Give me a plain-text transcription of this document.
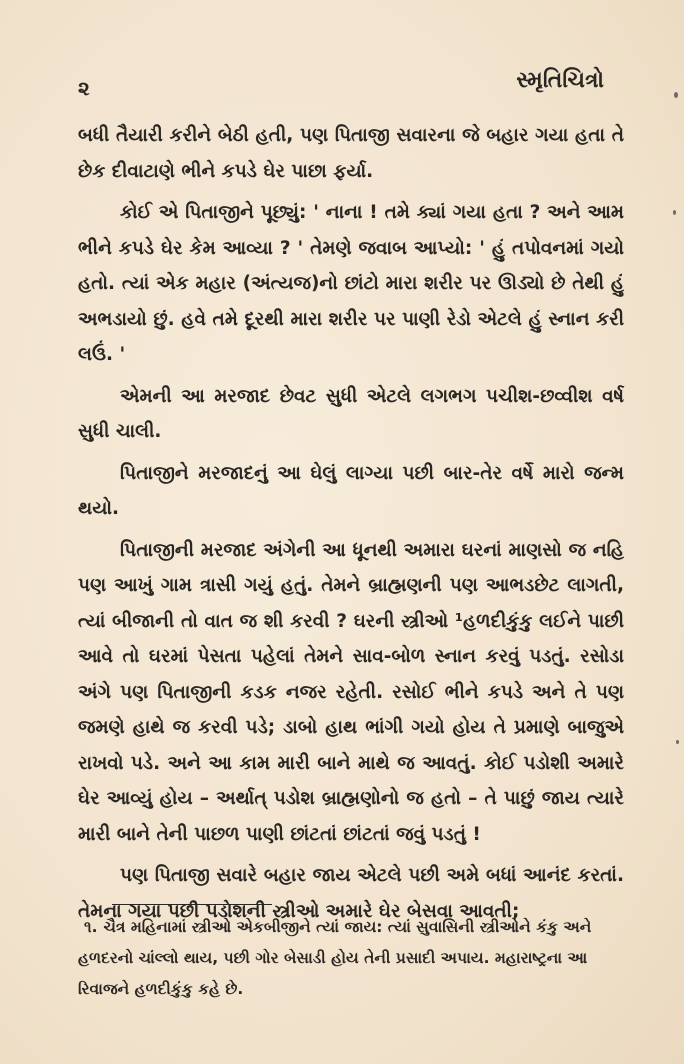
૨	સ્મૃતિચિત્રો

બધી તૈયારી કરીને બેઠી હતી, પણ પિતાજી સવારના જે બહાર ગયા હતા તે છેક દીવાટાણે ભીને કપડે ઘેર પાછા ફર્યા.

કોઈ એ પિતાજીને પૂછ્યું: ' નાના ! તમે ક્યાં ગયા હતા ? અને આમ ભીને કપડે ઘેર કેમ આવ્યા ? ' તેમણે જવાબ આપ્યો: ' હું તપોવનમાં ગયો હતો. ત્યાં એક મહાર (અંત્યજ)નો છાંટો મારા શરીર પર ઊડ્યો છે તેથી હું અભડાયો છું. હવે તમે દૂરથી મારા શરીર પર પાણી રેડો એટલે હું સ્નાન કરી લઉં. '

એમની આ મરજાદ છેવટ સુધી એટલે લગભગ પચીશ-છવ્વીશ વર્ષ સુધી ચાલી.

પિતાજીને મરજાદનું આ ઘેલું લાગ્યા પછી બાર-તેર વર્ષે મારો જન્મ થયો.

પિતાજીની મરજાદ અંગેની આ ધૂનથી અમારા ઘરનાં માણસો જ નહિ પણ આખું ગામ ત્રાસી ગયું હતું. તેમને બ્રાહ્મણની પણ આભડછેટ લાગતી, ત્યાં બીજાની તો વાત જ શી કરવી ? ઘરની સ્ત્રીઓ ¹હળદીકુંકુ લઈને પાછી આવે તો ઘરમાં પેસતા પહેલાં તેમને સાવ-બોળ સ્નાન કરવું પડતું. રસોડા અંગે પણ પિતાજીની કડક નજર રહેતી. રસોઈ ભીને કપડે અને તે પણ જમણે હાથે જ કરવી પડે; ડાબો હાથ ભાંગી ગયો હોય તે પ્રમાણે બાજુએ રાખવો પડે. અને આ કામ મારી બાને માથે જ આવતું. કોઈ પડોશી અમારે ઘેર આવ્યું હોય – અર્થાત્ પડોશ બ્રાહ્મણોનો જ હતો – તે પાછું જાય ત્યારે મારી બાને તેની પાછળ પાણી છાંટતાં છાંટતાં જવું પડતું !

પણ પિતાજી સવારે બહાર જાય એટલે પછી અમે બધાં આનંદ કરતાં. તેમના ગયા પછી પડોશની સ્ત્રીઓ અમારે ઘેર બેસવા આવતી;

૧. ચૈત્ર મહિનામાં સ્ત્રીઓ એકબીજીને ત્યાં જાય: ત્યાં સુવાસિની સ્ત્રીઓને કંકુ અને હળદરનો ચાંલ્લો થાય, પછી ગોર બેસાડી હોય તેની પ્રસાદી અપાય. મહારાષ્ટ્રના આ રિવાજને હળદીકુંકુ કહે છે.
